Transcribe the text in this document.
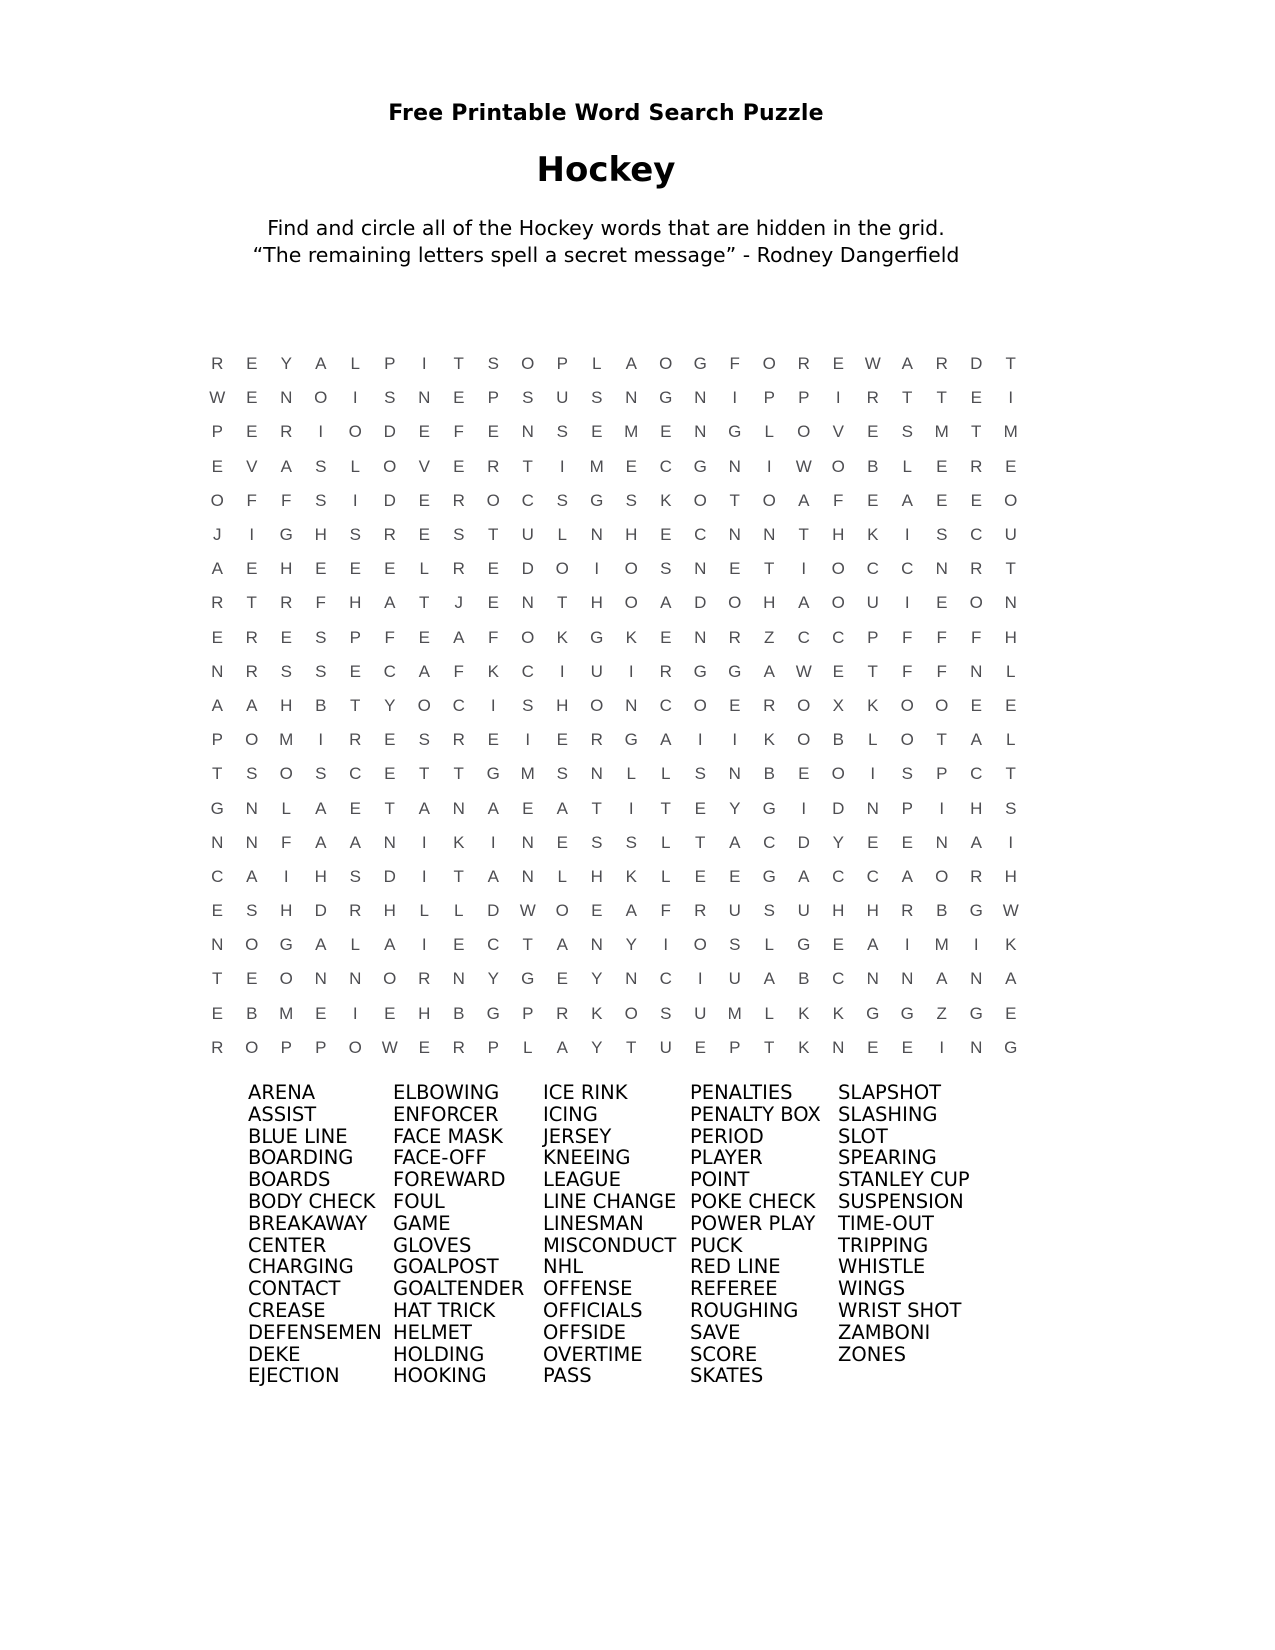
Free Printable Word Search Puzzle
Hockey
Find and circle all of the Hockey words that are hidden in the grid.
“The remaining letters spell a secret message” - Rodney Dangerfield
R	E	Y	A	L	P	I	T	S	O	P	L	A	O	G	F	O	R	E	W	A	R	D	T
W	E	N	O	I	S	N	E	P	S	U	S	N	G	N	I	P	P	I	R	T	T	E	I
P	E	R	I	O	D	E	F	E	N	S	E	M	E	N	G	L	O	V	E	S	M	T	M
E	V	A	S	L	O	V	E	R	T	I	M	E	C	G	N	I	W	O	B	L	E	R	E
O	F	F	S	I	D	E	R	O	C	S	G	S	K	O	T	O	A	F	E	A	E	E	O
J	I	G	H	S	R	E	S	T	U	L	N	H	E	C	N	N	T	H	K	I	S	C	U
A	E	H	E	E	E	L	R	E	D	O	I	O	S	N	E	T	I	O	C	C	N	R	T
R	T	R	F	H	A	T	J	E	N	T	H	O	A	D	O	H	A	O	U	I	E	O	N
E	R	E	S	P	F	E	A	F	O	K	G	K	E	N	R	Z	C	C	P	F	F	F	H
N	R	S	S	E	C	A	F	K	C	I	U	I	R	G	G	A	W	E	T	F	F	N	L
A	A	H	B	T	Y	O	C	I	S	H	O	N	C	O	E	R	O	X	K	O	O	E	E
P	O	M	I	R	E	S	R	E	I	E	R	G	A	I	I	K	O	B	L	O	T	A	L
T	S	O	S	C	E	T	T	G	M	S	N	L	L	S	N	B	E	O	I	S	P	C	T
G	N	L	A	E	T	A	N	A	E	A	T	I	T	E	Y	G	I	D	N	P	I	H	S
N	N	F	A	A	N	I	K	I	N	E	S	S	L	T	A	C	D	Y	E	E	N	A	I
C	A	I	H	S	D	I	T	A	N	L	H	K	L	E	E	G	A	C	C	A	O	R	H
E	S	H	D	R	H	L	L	D	W	O	E	A	F	R	U	S	U	H	H	R	B	G	W
N	O	G	A	L	A	I	E	C	T	A	N	Y	I	O	S	L	G	E	A	I	M	I	K
T	E	O	N	N	O	R	N	Y	G	E	Y	N	C	I	U	A	B	C	N	N	A	N	A
E	B	M	E	I	E	H	B	G	P	R	K	O	S	U	M	L	K	K	G	G	Z	G	E
R	O	P	P	O	W	E	R	P	L	A	Y	T	U	E	P	T	K	N	E	E	I	N	G
ARENA
ASSIST
BLUE LINE
BOARDING
BOARDS
BODY CHECK
BREAKAWAY
CENTER
CHARGING
CONTACT
CREASE
DEFENSEMEN
DEKE
EJECTION
ELBOWING
ENFORCER
FACE MASK
FACE-OFF
FOREWARD
FOUL
GAME
GLOVES
GOALPOST
GOALTENDER
HAT TRICK
HELMET
HOLDING
HOOKING
ICE RINK
ICING
JERSEY
KNEEING
LEAGUE
LINE CHANGE
LINESMAN
MISCONDUCT
NHL
OFFENSE
OFFICIALS
OFFSIDE
OVERTIME
PASS
PENALTIES
PENALTY BOX
PERIOD
PLAYER
POINT
POKE CHECK
POWER PLAY
PUCK
RED LINE
REFEREE
ROUGHING
SAVE
SCORE
SKATES
SLAPSHOT
SLASHING
SLOT
SPEARING
STANLEY CUP
SUSPENSION
TIME-OUT
TRIPPING
WHISTLE
WINGS
WRIST SHOT
ZAMBONI
ZONES
